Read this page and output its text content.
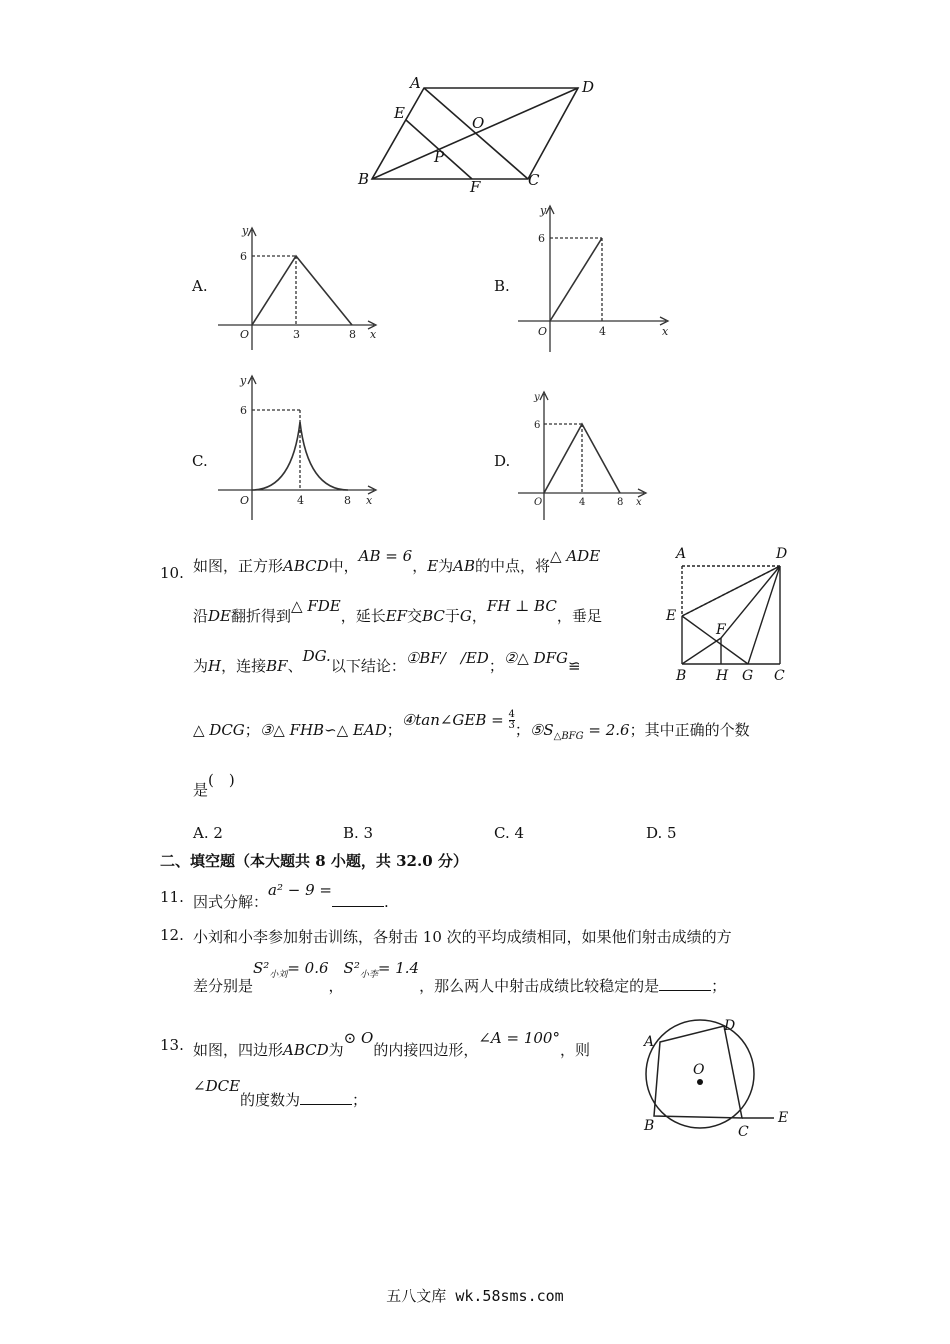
A	D
E
O
P
B	F	C
A.
y
6
O	3	8 x
B.
y
6
O	4	x
C.
y
6
O	4	8 x
D.
y
6
O	4	8 x
10. 如图，正方形ABCD中，AB = 6，E为AB的中点，将△ ADE
沿DE翻折得到△ FDE，延长EF交BC于G，FH ⊥ BC，垂足
为H，连接BF、DG.以下结论：①BF/　/ED；②△ DFG≌
△ DCG；③△ FHB∽△ EAD；④tan∠GEB = $\frac{4}{3}$ ；$⑤S_{\triangle BFG} = 2.6$；其中正确的个数
是(　)
A. 2	B. 3	C. 4	D. 5
A	D
E
F
B H G C
二、填空题（本大题共 8 小题，共 32.0 分）
11. 因式分解：a² − 9 =.
12. 小刘和小李参加射击训练，各射击 10 次的平均成绩相同，如果他们射击成绩的方
差分别是$S^2_{小刘}= 0.6$，$S^2_{小李}= 1.4$，那么两人中射击成绩比较稳定的是	；
13. 如图，四边形ABCD为⊙ O的内接四边形，∠A = 100°，则
∠DCE的度数为	；
A
D
O
B	C
E
五八文库 wk.58sms.com
